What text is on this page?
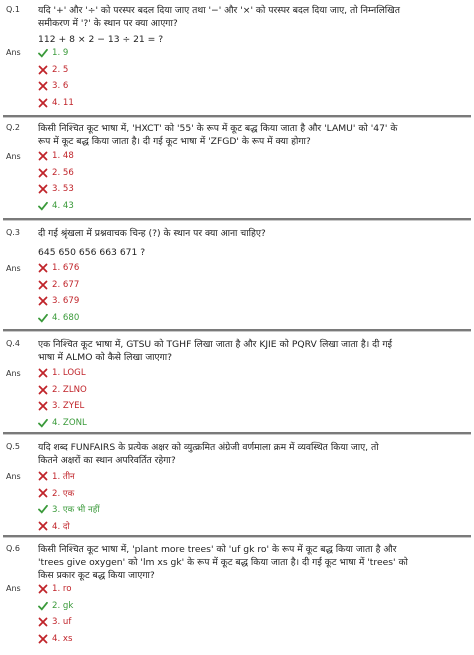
Q.1 यदि '+' और '÷' को परस्पर बदल दिया जाए तथा '−' और '×' को परस्पर बदल दिया जाए, तो निम्नलिखित
समीकरण में '?' के स्थान पर क्या आएगा?
112 + 8 × 2 − 13 ÷ 21 = ?
Ans	1. 9
2. 5
3. 6
4. 11
Q.2 किसी निश्चित कूट भाषा में, 'HXCT' को '55' के रूप में कूट बद्ध किया जाता है और 'LAMU' को '47' के
रूप में कूट बद्ध किया जाता है। दी गई कूट भाषा में 'ZFGD' के रूप में क्या होगा?
Ans	1. 48
2. 56
3. 53
4. 43
Q.3 दी गई श्रृंखला में प्रश्नवाचक चिन्ह (?) के स्थान पर क्या आना चाहिए?
645 650 656 663 671 ?
Ans	1. 676
2. 677
3. 679
4. 680
Q.4 एक निश्चित कूट भाषा में, GTSU को TGHF लिखा जाता है और KJIE को PQRV लिखा जाता है। दी गई
भाषा में ALMO को कैसे लिखा जाएगा?
Ans	1. LOGL
2. ZLNO
3. ZYEL
4. ZONL
Q.5 यदि शब्द FUNFAIRS के प्रत्येक अक्षर को व्युत्क्रमित अंग्रेजी वर्णमाला क्रम में व्यवस्थित किया जाए, तो
कितने अक्षरों का स्थान अपरिवर्तित रहेगा?
Ans	1. तीन
2. एक
3. एक भी नहीं
4. दो
Q.6 किसी निश्चित कूट भाषा में, 'plant more trees' को 'uf gk ro' के रूप में कूट बद्ध किया जाता है और
'trees give oxygen' को 'lm xs gk' के रूप में कूट बद्ध किया जाता है। दी गई कूट भाषा में 'trees' को
किस प्रकार कूट बद्ध किया जाएगा?
Ans	1. ro
2. gk
3. uf
4. xs
